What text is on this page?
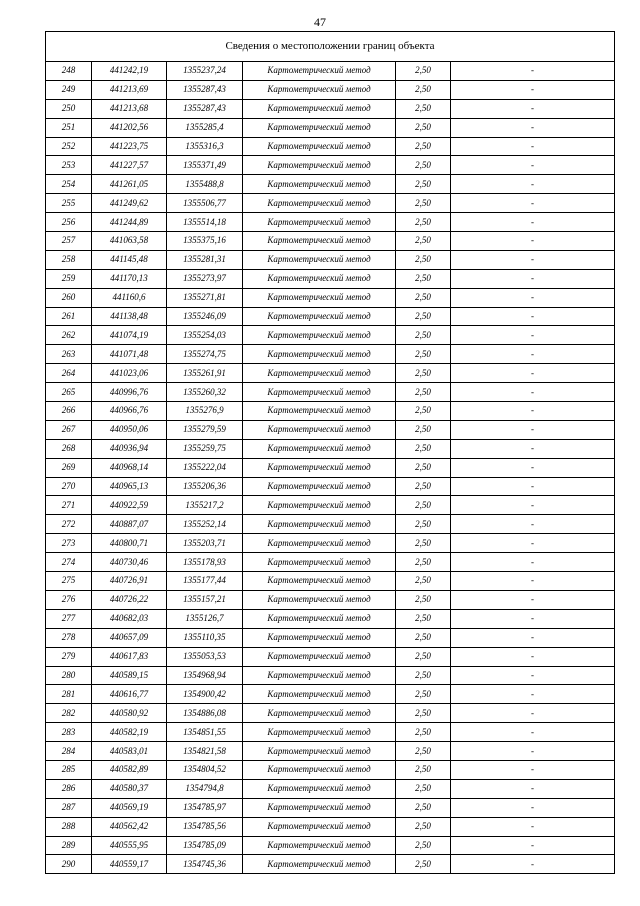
47
Сведения о местоположении границ объекта					
248	441242,19	1355237,24	Картометрический метод	2,50	-
249	441213,69	1355287,43	Картометрический метод	2,50	-
250	441213,68	1355287,43	Картометрический метод	2,50	-
251	441202,56	1355285,4	Картометрический метод	2,50	-
252	441223,75	1355316,3	Картометрический метод	2,50	-
253	441227,57	1355371,49	Картометрический метод	2,50	-
254	441261,05	1355488,8	Картометрический метод	2,50	-
255	441249,62	1355506,77	Картометрический метод	2,50	-
256	441244,89	1355514,18	Картометрический метод	2,50	-
257	441063,58	1355375,16	Картометрический метод	2,50	-
258	441145,48	1355281,31	Картометрический метод	2,50	-
259	441170,13	1355273,97	Картометрический метод	2,50	-
260	441160,6	1355271,81	Картометрический метод	2,50	-
261	441138,48	1355246,09	Картометрический метод	2,50	-
262	441074,19	1355254,03	Картометрический метод	2,50	-
263	441071,48	1355274,75	Картометрический метод	2,50	-
264	441023,06	1355261,91	Картометрический метод	2,50	-
265	440996,76	1355260,32	Картометрический метод	2,50	-
266	440966,76	1355276,9	Картометрический метод	2,50	-
267	440950,06	1355279,59	Картометрический метод	2,50	-
268	440936,94	1355259,75	Картометрический метод	2,50	-
269	440968,14	1355222,04	Картометрический метод	2,50	-
270	440965,13	1355206,36	Картометрический метод	2,50	-
271	440922,59	1355217,2	Картометрический метод	2,50	-
272	440887,07	1355252,14	Картометрический метод	2,50	-
273	440800,71	1355203,71	Картометрический метод	2,50	-
274	440730,46	1355178,93	Картометрический метод	2,50	-
275	440726,91	1355177,44	Картометрический метод	2,50	-
276	440726,22	1355157,21	Картометрический метод	2,50	-
277	440682,03	1355126,7	Картометрический метод	2,50	-
278	440657,09	1355110,35	Картометрический метод	2,50	-
279	440617,83	1355053,53	Картометрический метод	2,50	-
280	440589,15	1354968,94	Картометрический метод	2,50	-
281	440616,77	1354900,42	Картометрический метод	2,50	-
282	440580,92	1354886,08	Картометрический метод	2,50	-
283	440582,19	1354851,55	Картометрический метод	2,50	-
284	440583,01	1354821,58	Картометрический метод	2,50	-
285	440582,89	1354804,52	Картометрический метод	2,50	-
286	440580,37	1354794,8	Картометрический метод	2,50	-
287	440569,19	1354785,97	Картометрический метод	2,50	-
288	440562,42	1354785,56	Картометрический метод	2,50	-
289	440555,95	1354785,09	Картометрический метод	2,50	-
290	440559,17	1354745,36	Картометрический метод	2,50	-
